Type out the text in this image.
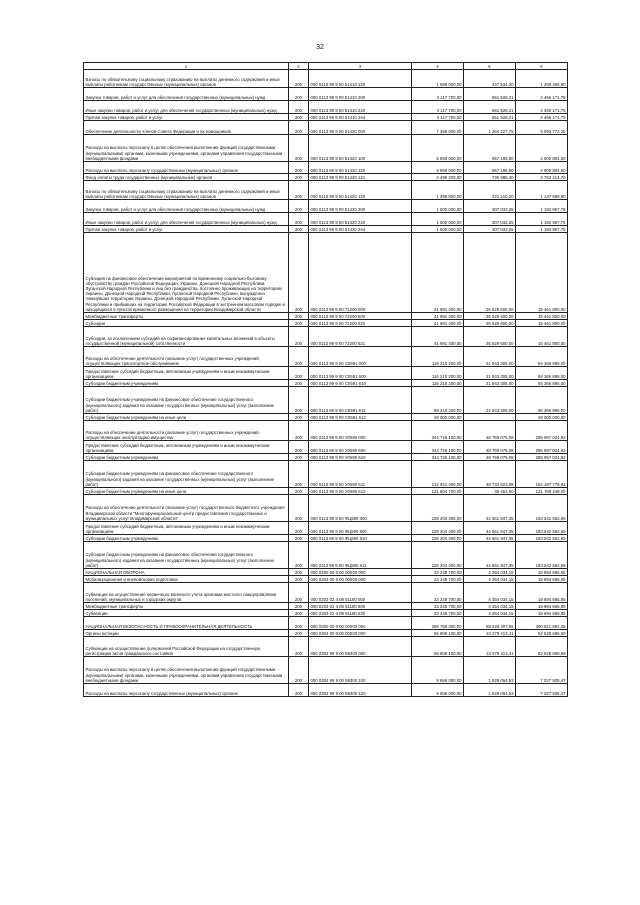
32
1	2	3	4	5	6
Взносы по обязательному социальному страхованию на выплаты денежного содержания и иные выплаты работникам государственных (муниципальных) органов	200	000 0113 99 9 00 51410 129	1 698 000,00	447 534,20	1 250 465,80
Закупка товаров, работ и услуг для обеспечения государственных (муниципальных) нужд	200	000 0113 99 9 00 51410 200	3 117 700,00	651 528,21	2 466 171,79
Иные закупки товаров, работ и услуг для обеспечения государственных (муниципальных) нужд	200	000 0113 99 9 00 51410 240	3 117 700,00	651 528,21	2 466 171,79
Прочая закупка товаров, работ и услуг	200	000 0113 99 9 00 51410 244	3 117 700,00	651 528,21	2 466 171,79
Обеспечение деятельности членов Совета Федерации и их помощников	200	000 0113 99 9 00 51420 000	7 358 000,00	1 264 227,75	6 093 772,25
Расходы на выплаты персоналу в целях обеспечения выполнения функций государственными (муниципальными) органами, казенными учреждениями, органами управления государственными внебюджетными фондами	200	000 0113 99 9 00 51420 100	5 858 000,00	957 195,50	4 900 804,50
Расходы на выплаты персоналу государственных (муниципальных) органов	200	000 0113 99 9 00 51420 120	5 858 000,00	957 195,50	4 900 804,50
Фонд оплаты труда государственных (муниципальных) органов	200	000 0113 99 9 00 51420 121	4 499 200,00	735 985,30	3 763 214,70
Взносы по обязательному социальному страхованию на выплаты денежного содержания и иные выплаты работникам государственных (муниципальных) органов	200	000 0113 99 9 00 51420 129	1 358 800,00	221 210,20	1 137 589,80
Закупка товаров, работ и услуг для обеспечения государственных (муниципальных) нужд	200	000 0113 99 9 00 51420 200	1 500 000,00	307 032,25	1 192 967,75
Иные закупки товаров, работ и услуг для обеспечения государственных (муниципальных) нужд	200	000 0113 99 9 00 51420 240	1 500 000,00	307 032,25	1 192 967,75
Прочая закупка товаров, работ и услуг	200	000 0113 99 9 00 51420 244	1 500 000,00	307 032,25	1 192 967,75
Субсидия на финансовое обеспечение мероприятий по временному социально-бытовому обустройству граждан Российской Федерации, Украины, Донецкой Народной Республики, Луганской Народной Республики и лиц без гражданства, постоянно проживающих на территориях Украины, Донецкой Народной Республики, Луганской Народной Республики, вынужденно покинувших территории Украины, Донецкой Народной Республики, Луганской Народной Республики и прибывших на территорию Российской Федерации в экстренном массовом порядке и находящихся в пунктах временного размещения на территории Владимирской области	200	000 0113 99 9 00 72200 000	41 991 400,00	26 529 600,00	15 461 800,00
Межбюджетные трансферты	200	000 0113 99 9 00 72200 500	41 991 400,00	26 529 600,00	15 461 800,00
Субсидии	200	000 0113 99 9 00 72200 520	41 991 400,00	26 529 600,00	15 461 800,00
Субсидии, за исключением субсидий на софинансирование капитальных вложений в объекты государственной (муниципальной) собственности	200	000 0113 99 9 00 72200 521	41 991 400,00	26 529 600,00	15 461 800,00
Расходы на обеспечение деятельности (оказание услуг) государственных учреждений, осуществляющих транспортное обслуживание	200	000 0113 99 9 00 С0591 000	116 210 200,00	21 843 305,00	94 366 895,00
Предоставление субсидий бюджетным, автономным учреждениям и иным некоммерческим организациям	200	000 0113 99 9 00 С0591 600	116 210 200,00	21 843 305,00	94 366 895,00
Субсидии бюджетным учреждениям	200	000 0113 99 9 00 С0591 610	116 210 200,00	21 843 305,00	94 366 895,00
Субсидии бюджетным учреждениям на финансовое обеспечение государственного (муниципального) задания на оказание государственных (муниципальных) услуг (выполнение работ)	200	000 0113 99 9 00 С0591 611	88 210 200,00	21 843 305,00	66 366 895,00
Субсидии бюджетным учреждениям на иные цели	200	000 0113 99 9 00 С0591 612	28 000 000,00	-	28 000 000,00
Расходы на обеспечение деятельности (оказание услуг) государственных учреждений, осуществляющих эксплуатацию имущества	200	000 0113 99 9 00 У0590 000	344 726 100,00	48 769 075,08	295 957 024,92
Предоставление субсидий бюджетным, автономным учреждениям и иным некоммерческим организациям	200	000 0113 99 9 00 У0590 600	344 726 100,00	48 769 075,08	295 957 024,92
Субсидии бюджетным учреждениям	200	000 0113 99 9 00 У0590 610	344 726 100,00	48 769 075,08	295 957 024,92
Субсидии бюджетным учреждениям на финансовое обеспечение государственного (муниципального) задания на оказание государственных (муниципальных) услуг (выполнение работ)	200	000 0113 99 9 00 У0590 611	212 921 400,00	48 733 623,08	164 187 776,92
Субсидии бюджетным учреждениям на иные цели	200	000 0113 99 9 00 У0590 612	131 804 700,00	35 452,00	131 769 248,00
Расходы на обеспечение деятельности (оказание услуг) государственного бюджетного учреждения Владимирской области "Многофункциональный центр предоставления государственных и муниципальных услуг Владимирской области"	200	000 0113 99 9 00 ФЦ590 000	228 204 400,00	44 661 847,35	183 542 552,65
Предоставление субсидий бюджетным, автономным учреждениям и иным некоммерческим организациям	200	000 0113 99 9 00 ФЦ590 600	228 204 400,00	44 661 847,35	183 542 552,65
Субсидии бюджетным учреждениям	200	000 0113 99 9 00 ФЦ590 610	228 204 400,00	44 661 847,35	183 542 552,65
Субсидии бюджетным учреждениям на финансовое обеспечение государственного (муниципального) задания на оказание государственных (муниципальных) услуг (выполнение работ)	200	000 0113 99 9 00 ФЦ590 611	228 204 400,00	44 661 847,35	183 542 552,65
НАЦИОНАЛЬНАЯ ОБОРОНА	200	000 0200 00 0 00 00000 000	23 248 700,00	4 354 034,15	18 894 665,85
Мобилизационная и вневойсковая подготовка	200	000 0203 00 0 00 00000 000	23 248 700,00	4 354 034,15	18 894 665,85
Субвенции на осуществление первичного воинского учета органами местного самоуправления поселений, муниципальных и городских округов	200	000 0203 02 4 08 51180 000	23 248 700,00	4 354 034,15	18 894 665,85
Межбюджетные трансферты	200	000 0203 02 4 08 51180 500	23 248 700,00	4 354 034,15	18 894 665,85
Субвенции	200	000 0203 02 4 08 51180 530	23 248 700,00	4 354 034,15	18 894 665,85
НАЦИОНАЛЬНАЯ БЕЗОПАСНОСТЬ И ПРАВООХРАНИТЕЛЬНАЯ ДЕЯТЕЛЬНОСТЬ	200	000 0300 00 0 00 00000 000	358 750 300,00	58 228 407,65	300 521 892,35
Органы юстиции	200	000 0304 00 0 00 00000 000	65 808 100,00	13 279 413,41	52 528 686,59
Субвенции на осуществление полномочий Российской Федерации на государственную регистрацию актов гражданского состояния	200	000 0304 99 9 00 59300 000	65 808 100,00	13 279 413,41	52 528 686,59
Расходы на выплаты персоналу в целях обеспечения выполнения функций государственными (муниципальными) органами, казенными учреждениями, органами управления государственными внебюджетными фондами	200	000 0304 99 9 00 59300 100	8 656 000,00	1 628 064,53	7 027 935,47
Расходы на выплаты персоналу государственных (муниципальных) органов	200	000 0304 99 9 00 59300 120	8 656 000,00	1 628 064,53	7 027 935,47
